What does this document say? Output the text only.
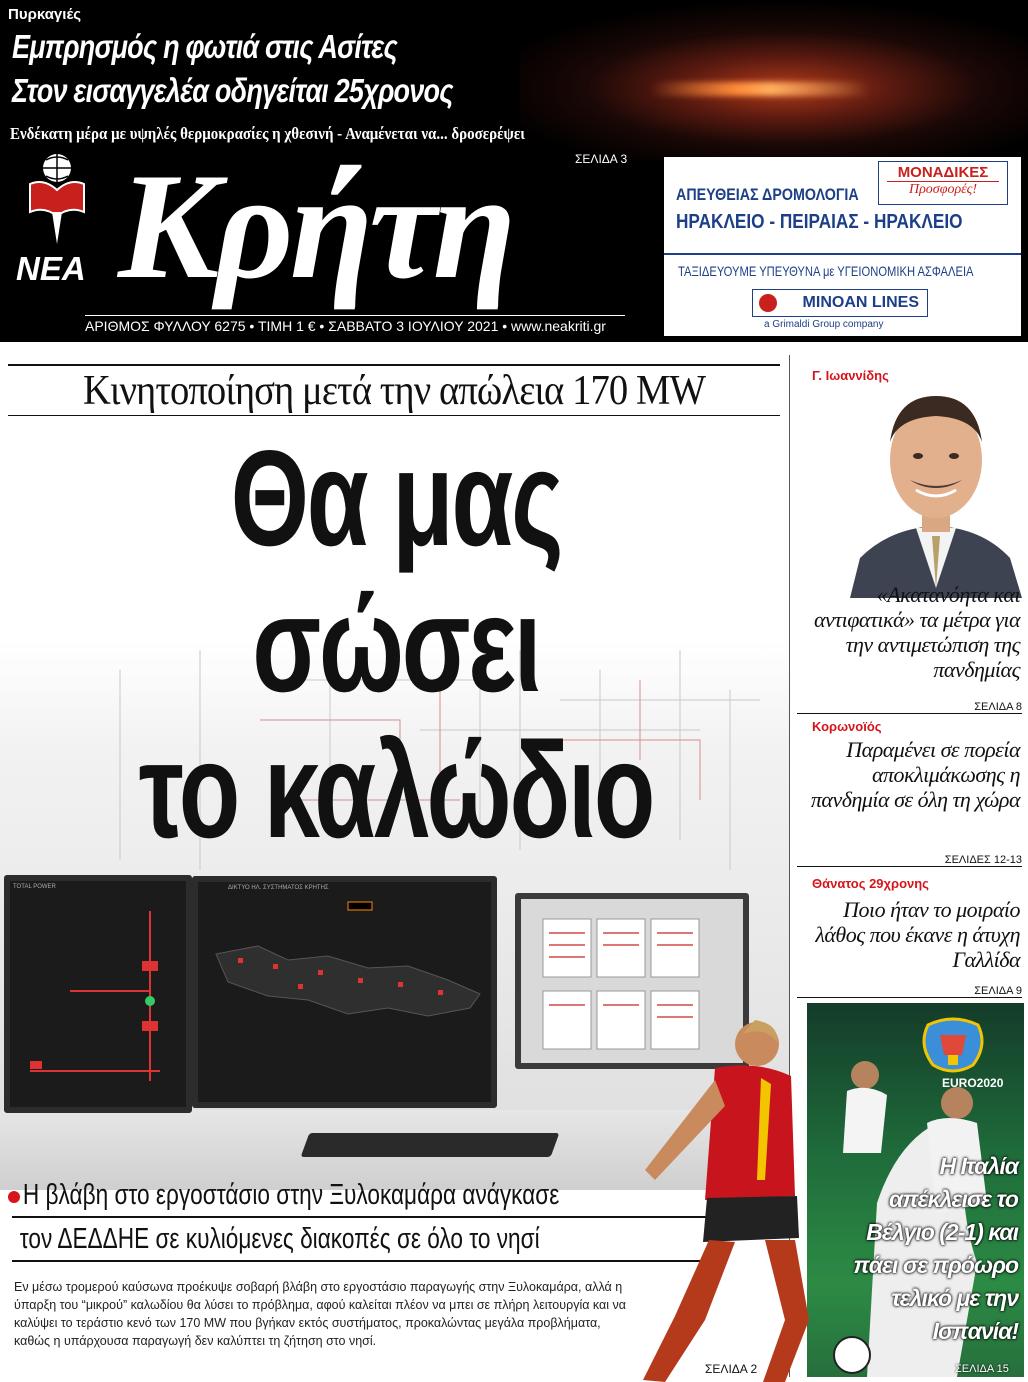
Πυρκαγιές
Εμπρησμός η φωτιά στις Ασίτες
Στον εισαγγελέα οδηγείται 25χρονος
Ενδέκατη μέρα με υψηλές θερμοκρασίες η χθεσινή - Αναμένεται να... δροσερέψει
ΣΕΛΙΔΑ 3
ΝΕΑ Κρήτη
ΑΡΙΘΜΟΣ ΦΥΛΛΟΥ 6275 • ΤΙΜΗ 1 € • ΣΑΒΒΑΤΟ 3 ΙΟΥΛΙΟΥ 2021 • www.neakriti.gr
ΜΟΝΑΔΙΚΕΣ
Προσφορές!
ΑΠΕΥΘΕΙΑΣ ΔΡΟΜΟΛΟΓΙΑ
ΗΡΑΚΛΕΙΟ - ΠΕΙΡΑΙΑΣ - ΗΡΑΚΛΕΙΟ
ΤΑΞΙΔΕΥΟΥΜΕ ΥΠΕΥΘΥΝΑ με ΥΓΕΙΟΝΟΜΙΚΗ ΑΣΦΑΛΕΙΑ
MINOAN LINES
a Grimaldi Group company
TOTAL POWER	ΔΙΚΤΥΟ ΗΛ. ΣΥΣΤΗΜΑΤΟΣ ΚΡΗΤΗΣ
Κινητοποίηση μετά την απώλεια 170 MW
Θα μας σώσει
το καλώδιο
Η βλάβη στο εργοστάσιο στην Ξυλοκαμάρα ανάγκασε
τον ΔΕΔΔΗΕ σε κυλιόμενες διακοπές σε όλο το νησί
Εν μέσω τρομερού καύσωνα προέκυψε σοβαρή βλάβη στο εργοστάσιο παραγωγής στην Ξυλοκαμάρα, αλλά η ύπαρξη του “μικρού” καλωδίου θα λύσει το πρόβλημα, αφού καλείται πλέον να μπει σε πλήρη λειτουργία και να καλύψει το τεράστιο κενό των 170 MW που βγήκαν εκτός συστήματος, προκαλώντας μεγάλα προβλήματα, καθώς η υπάρχουσα παραγωγή δεν καλύπτει τη ζήτηση στο νησί.
ΣΕΛΙΔΑ 2
Γ. Ιωαννίδης
«Ακατανόητα και αντιφατικά» τα μέτρα για την αντιμετώπιση της πανδημίας
ΣΕΛΙΔΑ 8
Κορωνοϊός
Παραμένει σε πορεία αποκλιμάκωσης η πανδημία σε όλη τη χώρα
ΣΕΛΙΔΕΣ 12-13
Θάνατος 29χρονης
Ποιο ήταν το μοιραίο λάθος που έκανε η άτυχη Γαλλίδα
ΣΕΛΙΔΑ 9
EURO2020
Η Ιταλία απέκλεισε το Βέλγιο (2-1) και πάει σε πρόωρο τελικό με την Ισπανία!
ΣΕΛΙΔΑ 15
